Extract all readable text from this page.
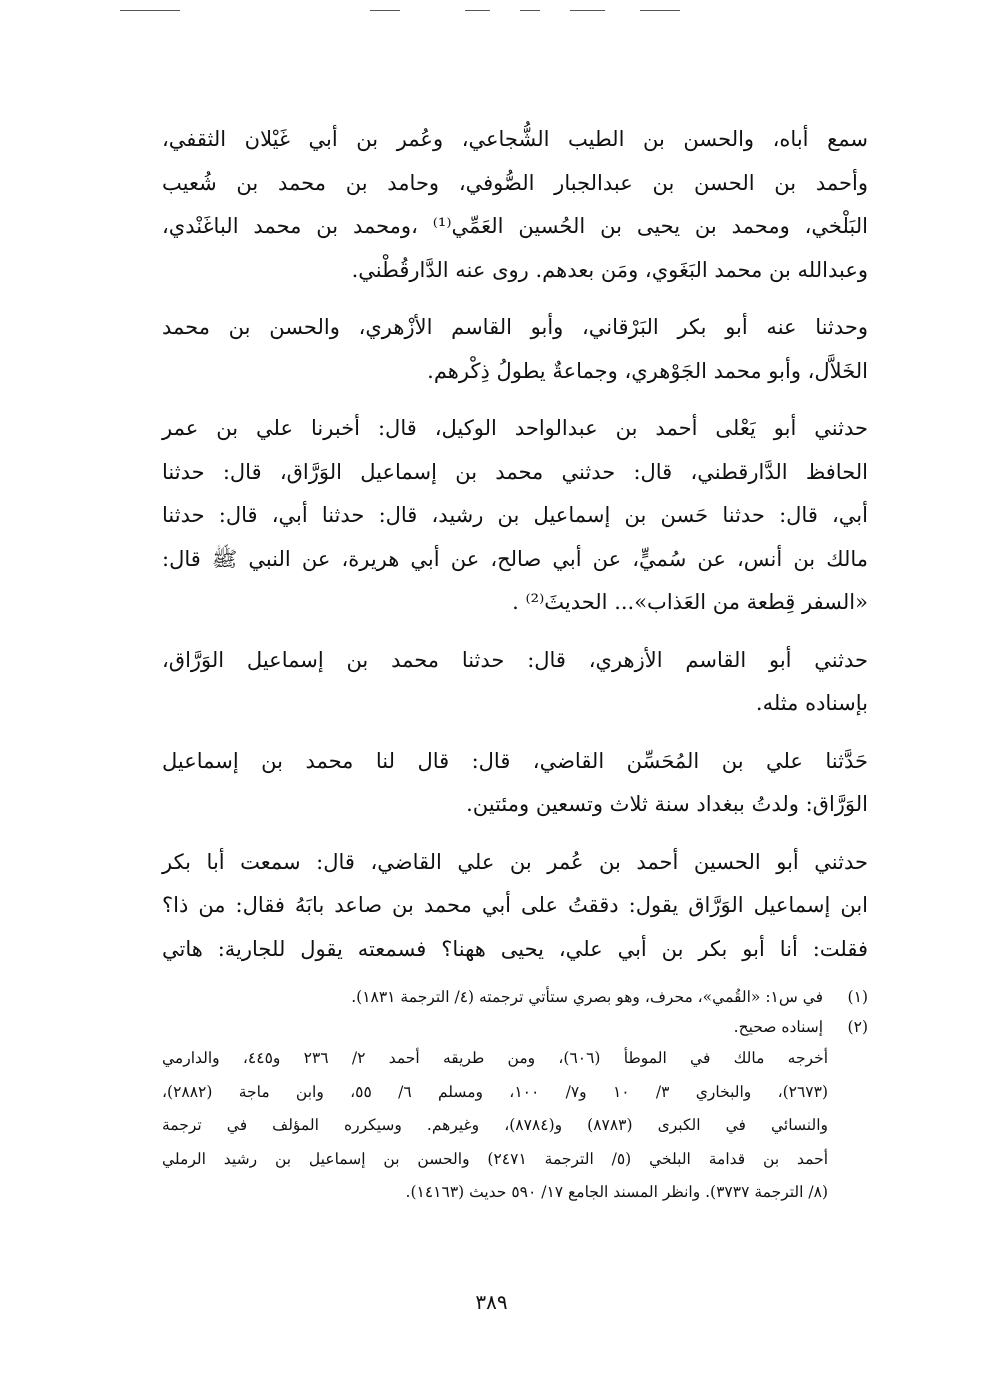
سمع أباه، والحسن بن الطيب الشُّجاعي، وعُمر بن أبي غَيْلان الثقفي،
وأحمد بن الحسن بن عبدالجبار الصُّوفي، وحامد بن محمد بن شُعيب
البَلْخي، ومحمد بن يحيى بن الحُسين العَمِّي⁽¹⁾ ،ومحمد بن محمد الباغَنْدي،
وعبدالله بن محمد البَغَوي، ومَن بعدهم. روى عنه الدَّارقُطْني.
وحدثنا عنه أبو بكر البَرْقاني، وأبو القاسم الأزْهري، والحسن بن محمد
الخَلاَّل، وأبو محمد الجَوْهري، وجماعةٌ يطولُ ذِكْرهم.
حدثني أبو يَعْلى أحمد بن عبدالواحد الوكيل، قال: أخبرنا علي بن عمر
الحافظ الدَّارقطني، قال: حدثني محمد بن إسماعيل الوَرَّاق، قال: حدثنا
أبي، قال: حدثنا حَسن بن إسماعيل بن رشيد، قال: حدثنا أبي، قال: حدثنا
مالك بن أنس، عن سُميٍّ، عن أبي صالح، عن أبي هريرة، عن النبي ﷺ قال:
«السفر قِطعة من العَذاب»... الحديثَ⁽²⁾ .
حدثني أبو القاسم الأزهري، قال: حدثنا محمد بن إسماعيل الوَرَّاق،
بإسناده مثله.
حَدَّثنا علي بن المُحَسِّن القاضي، قال: قال لنا محمد بن إسماعيل
الوَرَّاق: ولدتُ ببغداد سنة ثلاث وتسعين ومئتين.
حدثني أبو الحسين أحمد بن عُمر بن علي القاضي، قال: سمعت أبا بكر
ابن إسماعيل الوَرَّاق يقول: دققتُ على أبي محمد بن صاعد بابَهُ فقال: من ذا؟
فقلت: أنا أبو بكر بن أبي علي، يحيى ههنا؟ فسمعته يقول للجارية: هاتي
(١) في س١: «القُمي»، محرف، وهو بصري ستأتي ترجمته (٤/ الترجمة ١٨٣١).
(٢) إسناده صحيح.
أخرجه مالك في الموطأ (٦٠٦)، ومن طريقه أحمد ٢/ ٢٣٦ و٤٤٥، والدارمي
(٢٦٧٣)، والبخاري ٣/ ١٠ و٧/ ١٠٠، ومسلم ٦/ ٥٥، وابن ماجة (٢٨٨٢)،
والنسائي في الكبرى (٨٧٨٣) و(٨٧٨٤)، وغيرهم. وسيكرره المؤلف في ترجمة
أحمد بن قدامة البلخي (٥/ الترجمة ٢٤٧١) والحسن بن إسماعيل بن رشيد الرملي
(٨/ الترجمة ٣٧٣٧). وانظر المسند الجامع ١٧/ ٥٩٠ حديث (١٤١٦٣).
٣٨٩
